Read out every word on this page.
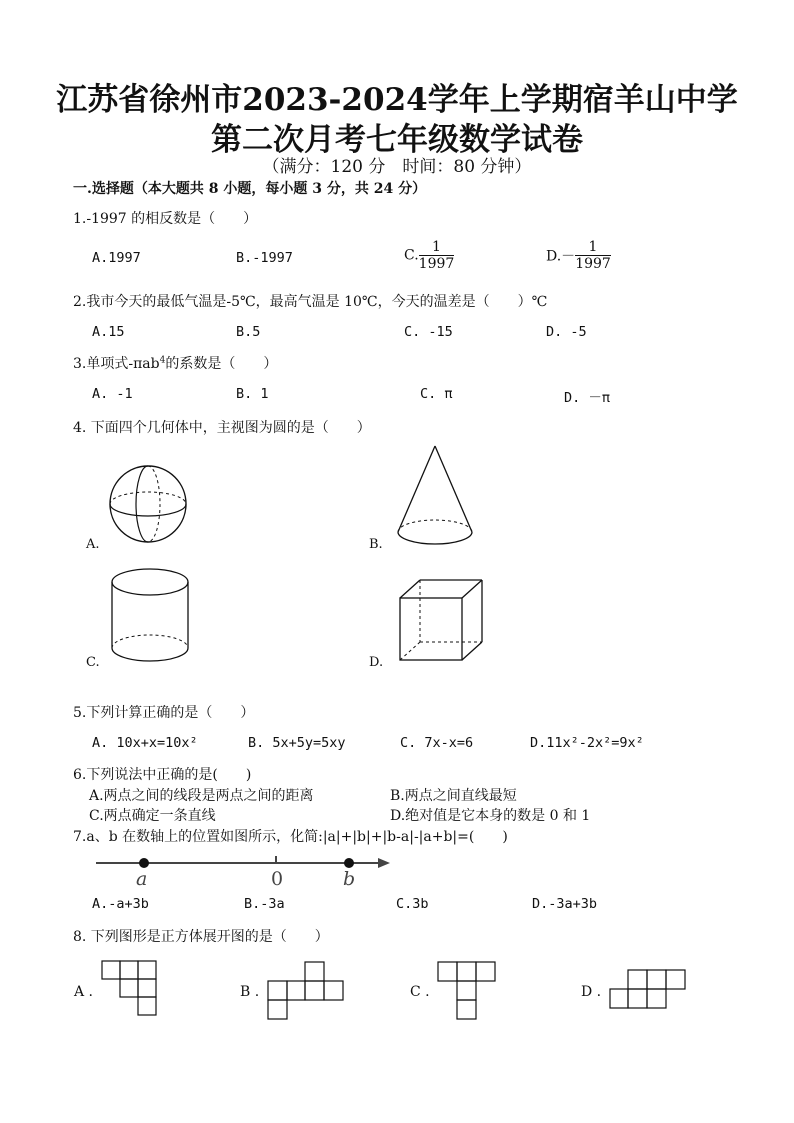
江苏省徐州市2023-2024学年上学期宿羊山中学
第二次月考七年级数学试卷
（满分：120 分　时间：80 分钟）
一.选择题（本大题共 8 小题，每小题 3 分，共 24 分）
1.-1997 的相反数是（　　）
A.1997	B.-1997	C. $\frac{1}{1997}$	$D.- \frac{1}{1997}$
2.我市今天的最低气温是-5℃，最高气温是 10℃，今天的温差是（　　）℃
A.15	B.5	C. -15	D. -5
3.单项式-πab$^4$的系数是（　　）
A. -1	B. 1	C. π	D. －π
4. 下面四个几何体中，主视图为圆的是（　　）
A.	B.
C.	D.
5.下列计算正确的是（　　）
A. 10x+x=10x²	B. 5x+5y=5xy	C. 7x-x=6	D.11x²-2x²=9x²
6.下列说法中正确的是(　　)
A.两点之间的线段是两点之间的距离	B.两点之间直线最短
C.两点确定一条直线	D.绝对值是它本身的数是 0 和 1
7.a、b 在数轴上的位置如图所示，化简:|a|+|b|+|b-a|-|a+b|=(　　)
a	0	b
A.-a+3b	B.-3a	C.3b	D.-3a+3b
8. 下列图形是正方体展开图的是（　　）
A .	B .	C .	D .
